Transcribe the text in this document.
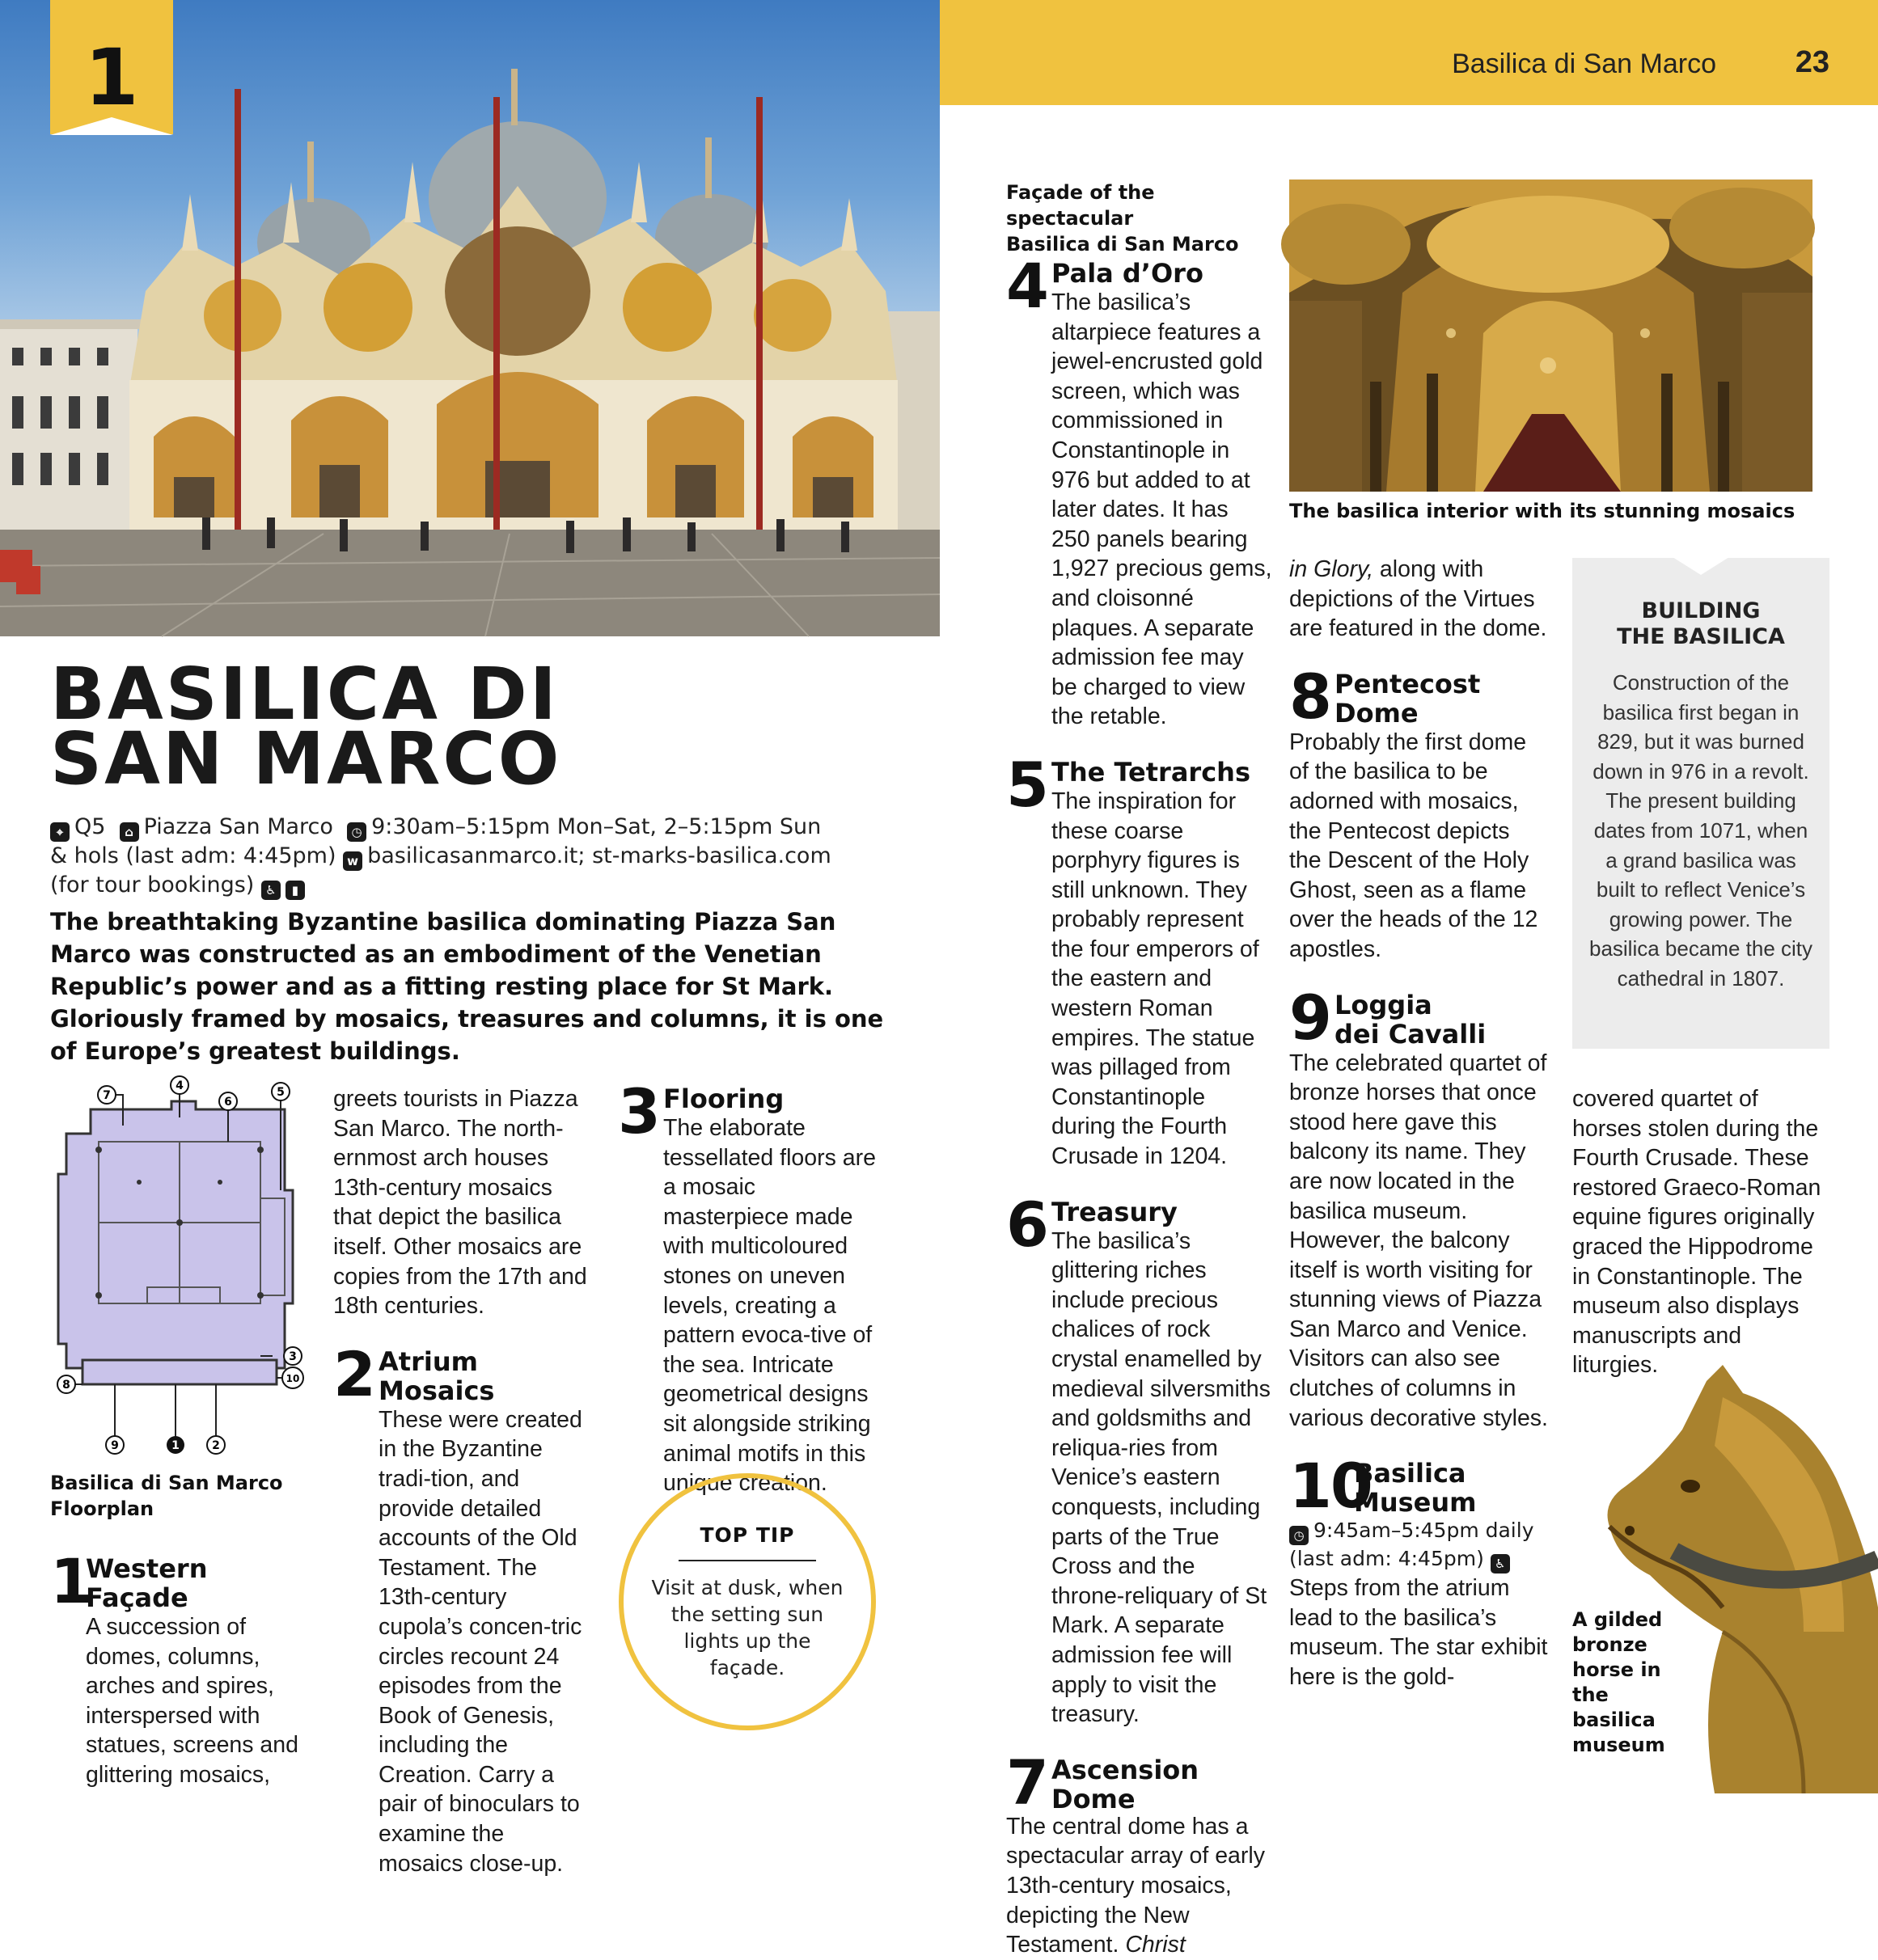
1	Basilica di San Marco	23
BASILICA DI
SAN MARCO
⌖ Q5 ⌂ Piazza San Marco ◷ 9:30am–5:15pm Mon–Sat, 2–5:15pm Sun
& hols (last adm: 4:45pm) w basilicasanmarco.it; st-marks-basilica.com
(for tour bookings) ♿ ▮
The breathtaking Byzantine basilica dominating Piazza San Marco was constructed as an embodiment of the Venetian Republic’s power and as a fitting resting place for St Mark. Gloriously framed by mosaics, treasures and columns, it is one of Europe’s greatest buildings.
7
4
6
5
3
10
8
9	1	2
Basilica di San Marco
Floorplan
1
Western Façade
A succession of domes, columns, arches and spires, interspersed with statues, screens and glittering mosaics,

greets tourists in Piazza San Marco. The north-ernmost arch houses 13th-century mosaics that depict the basilica itself. Other mosaics are copies from the 17th and 18th centuries.

2 Atrium Mosaics
These were created in the Byzantine tradi-tion, and provide detailed accounts of the Old Testament. The 13th-century cupola’s concen-tric circles recount 24 episodes from the Book of Genesis, including the Creation. Carry a pair of binoculars to examine the mosaics close-up.
3 Flooring
The elaborate tessellated floors are a mosaic masterpiece made with multicoloured stones on uneven levels, creating a pattern evoca-tive of the sea. Intricate geometrical designs sit alongside striking animal motifs in this unique creation.
TOP TIP
Visit at dusk, when the setting sun lights up the façade.
Façade of the spectacular
Basilica di San Marco
4 Pala d’Oro
The basilica’s altarpiece features a jewel-encrusted gold screen, which was commissioned in Constantinople in 976 but added to at later dates. It has 250 panels bearing 1,927 precious gems, and cloisonné plaques. A separate admission fee may be charged to view the retable.
5 The Tetrarchs
The inspiration for these coarse porphyry figures is still unknown. They probably represent the four emperors of the eastern and western Roman empires. The statue was pillaged from Constantinople during the Fourth Crusade in 1204.
6 Treasury
The basilica’s glittering riches include precious chalices of rock crystal enamelled by medieval silversmiths and goldsmiths and reliqua-ries from Venice’s eastern conquests, including parts of the True Cross and the throne-reliquary of St Mark. A separate admission fee will apply to visit the treasury.
7 Ascension
Dome
The central dome has a spectacular array of early 13th-century mosaics, depicting the New Testament. Christ
The basilica interior with its stunning mosaics
in Glory, along with depictions of the Virtues are featured in the dome.
8 Pentecost
Dome
Probably the first dome of the basilica to be adorned with mosaics, the Pentecost depicts the Descent of the Holy Ghost, seen as a flame over the heads of the 12 apostles.
9 Loggia
dei Cavalli
The celebrated quartet of bronze horses that once stood here gave this balcony its name. They are now located in the basilica museum. However, the balcony itself is worth visiting for stunning views of Piazza San Marco and Venice. Visitors can also see clutches of columns in various decorative styles.
10
Basilica
Museum
◷ 9:45am–5:45pm daily
(last adm: 4:45pm) ♿
Steps from the atrium lead to the basilica’s museum. The star exhibit here is the gold-
BUILDING
THE BASILICA
Construction of the basilica first began in 829, but it was burned down in 976 in a revolt. The present building dates from 1071, when a grand basilica was built to reflect Venice’s growing power. The basilica became the city cathedral in 1807.
covered quartet of horses stolen during the Fourth Crusade. These restored Graeco-Roman equine figures originally graced the Hippodrome in Constantinople. The museum also displays manuscripts and liturgies.
A gilded
bronze
horse in
the basilica
museum
